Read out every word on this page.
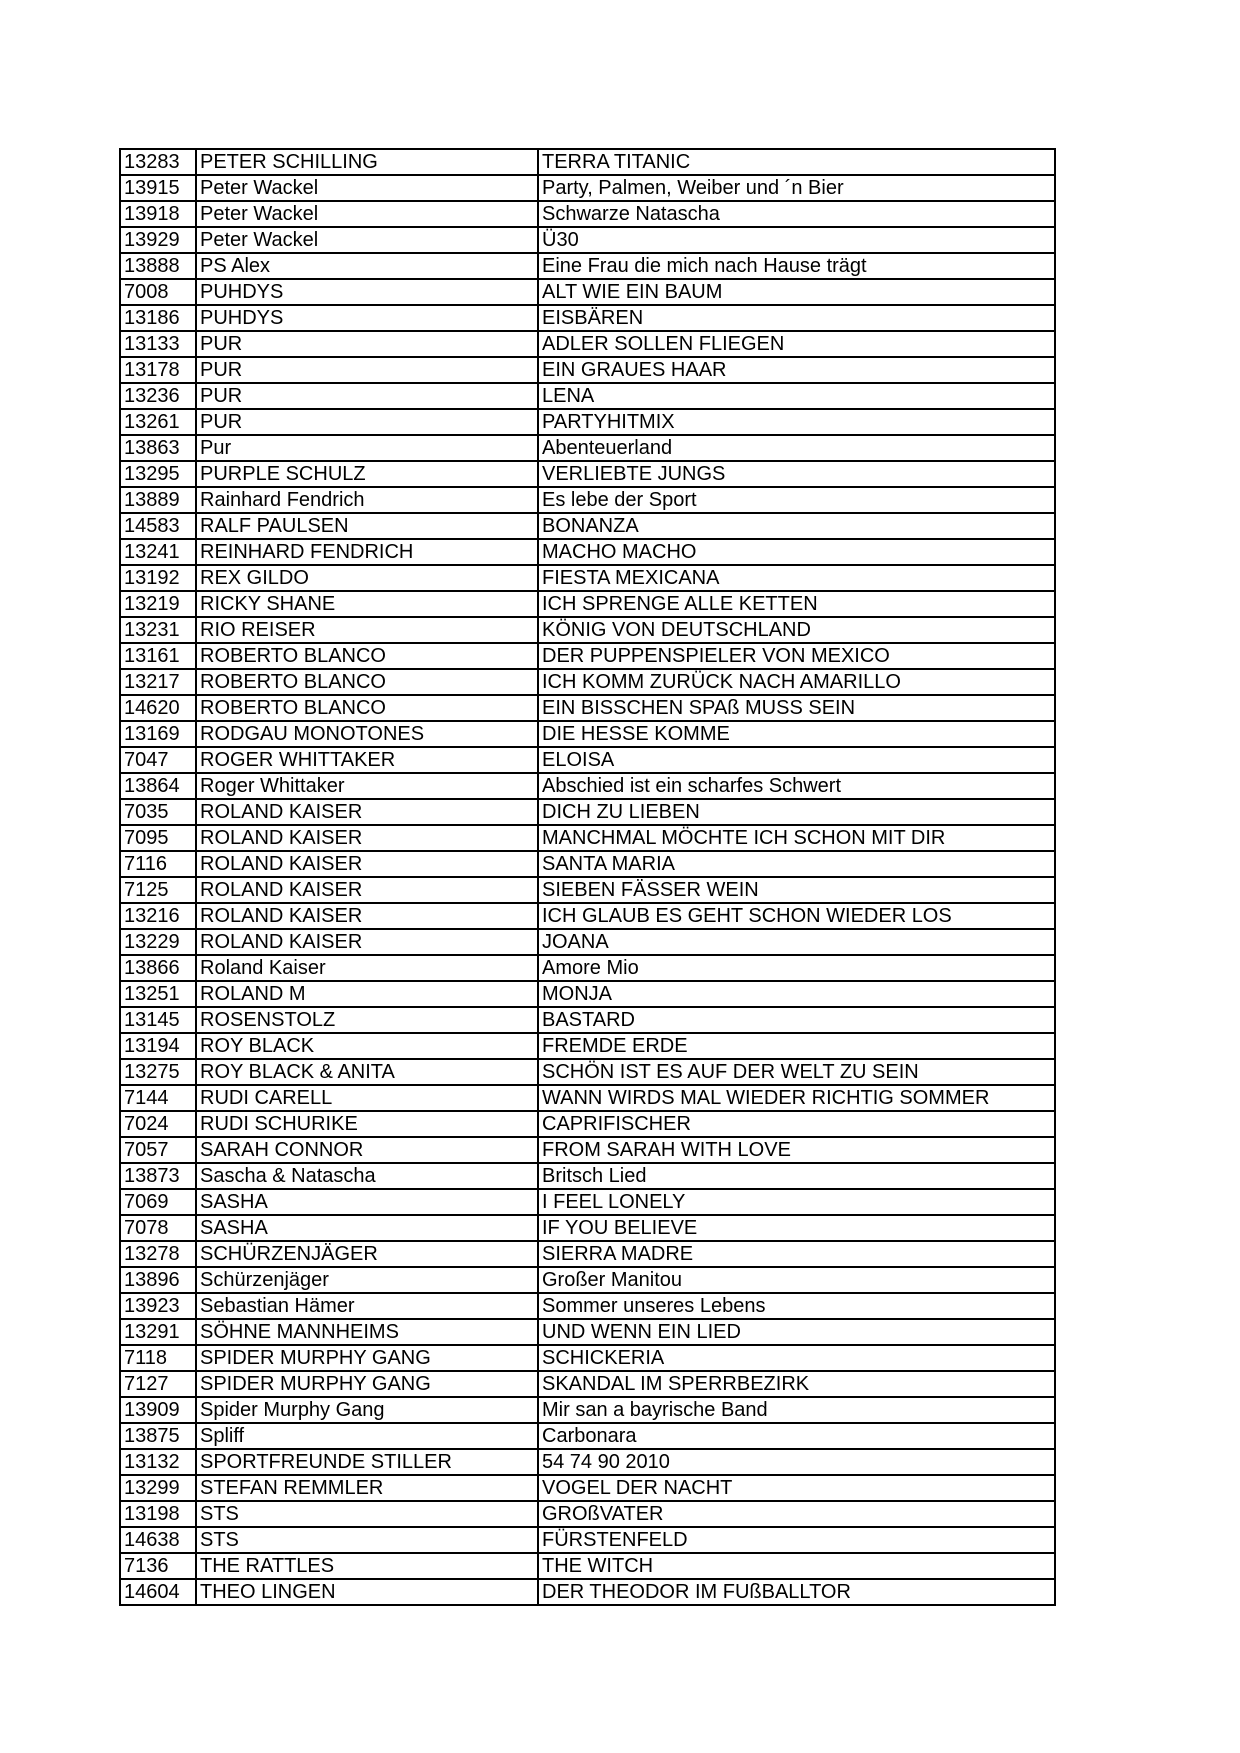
13283	PETER SCHILLING	TERRA TITANIC
13915	Peter Wackel	Party, Palmen, Weiber und ´n Bier
13918	Peter Wackel	Schwarze Natascha
13929	Peter Wackel	Ü30
13888	PS Alex	Eine Frau die mich nach Hause trägt
7008	PUHDYS	ALT WIE EIN BAUM
13186	PUHDYS	EISBÄREN
13133	PUR	ADLER SOLLEN FLIEGEN
13178	PUR	EIN GRAUES HAAR
13236	PUR	LENA
13261	PUR	PARTYHITMIX
13863	Pur	Abenteuerland
13295	PURPLE SCHULZ	VERLIEBTE JUNGS
13889	Rainhard Fendrich	Es lebe der Sport
14583	RALF PAULSEN	BONANZA
13241	REINHARD FENDRICH	MACHO MACHO
13192	REX GILDO	FIESTA MEXICANA
13219	RICKY SHANE	ICH SPRENGE ALLE KETTEN
13231	RIO REISER	KÖNIG VON DEUTSCHLAND
13161	ROBERTO BLANCO	DER PUPPENSPIELER VON MEXICO
13217	ROBERTO BLANCO	ICH KOMM ZURÜCK NACH AMARILLO
14620	ROBERTO BLANCO	EIN BISSCHEN SPAß MUSS SEIN
13169	RODGAU MONOTONES	DIE HESSE KOMME
7047	ROGER WHITTAKER	ELOISA
13864	Roger Whittaker	Abschied ist ein scharfes Schwert
7035	ROLAND KAISER	DICH ZU LIEBEN
7095	ROLAND KAISER	MANCHMAL MÖCHTE ICH SCHON MIT DIR
7116	ROLAND KAISER	SANTA MARIA
7125	ROLAND KAISER	SIEBEN FÄSSER WEIN
13216	ROLAND KAISER	ICH GLAUB ES GEHT SCHON WIEDER LOS
13229	ROLAND KAISER	JOANA
13866	Roland Kaiser	Amore Mio
13251	ROLAND M	MONJA
13145	ROSENSTOLZ	BASTARD
13194	ROY BLACK	FREMDE ERDE
13275	ROY BLACK & ANITA	SCHÖN IST ES AUF DER WELT ZU SEIN
7144	RUDI CARELL	WANN WIRDS MAL WIEDER RICHTIG SOMMER
7024	RUDI SCHURIKE	CAPRIFISCHER
7057	SARAH CONNOR	FROM SARAH WITH LOVE
13873	Sascha & Natascha	Britsch Lied
7069	SASHA	I FEEL LONELY
7078	SASHA	IF YOU BELIEVE
13278	SCHÜRZENJÄGER	SIERRA MADRE
13896	Schürzenjäger	Großer Manitou
13923	Sebastian Hämer	Sommer unseres Lebens
13291	SÖHNE MANNHEIMS	UND WENN EIN LIED
7118	SPIDER MURPHY GANG	SCHICKERIA
7127	SPIDER MURPHY GANG	SKANDAL IM SPERRBEZIRK
13909	Spider Murphy Gang	Mir san a bayrische Band
13875	Spliff	Carbonara
13132	SPORTFREUNDE STILLER	54 74 90 2010
13299	STEFAN REMMLER	VOGEL DER NACHT
13198	STS	GROßVATER
14638	STS	FÜRSTENFELD
7136	THE RATTLES	THE WITCH
14604	THEO LINGEN	DER THEODOR IM FUßBALLTOR
